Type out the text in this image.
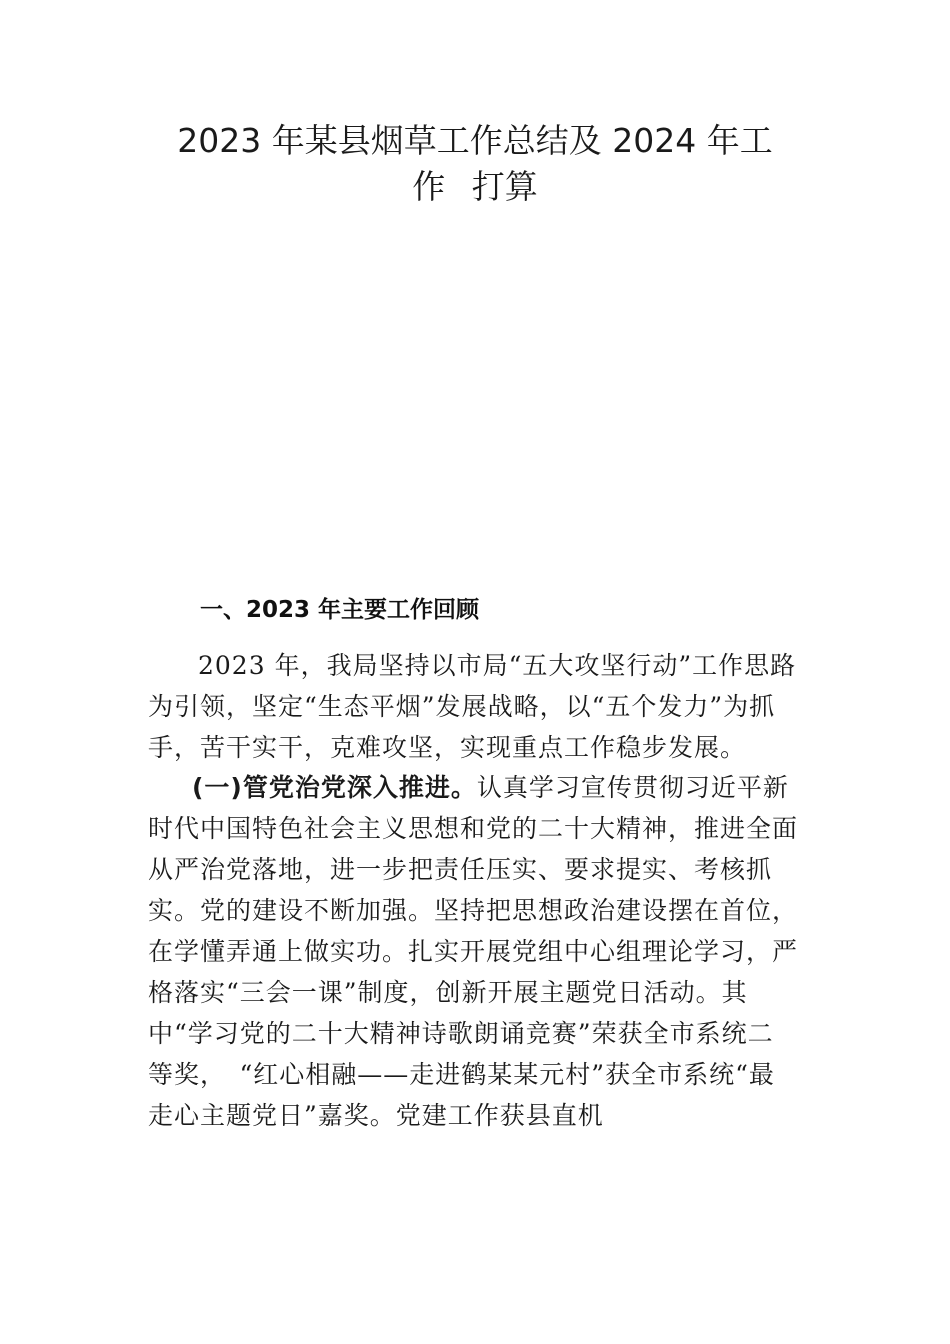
2023 年某县烟草工作总结及 2024 年工
作 打算
一、2023 年主要工作回顾

2023 年，我局坚持以市局“五大攻坚行动”工作思路为引领，坚定“生态平烟”发展战略，以“五个发力”为抓手，苦干实干，克难攻坚，实现重点工作稳步发展。

(一)管党治党深入推进。认真学习宣传贯彻习近平新时代中国特色社会主义思想和党的二十大精神，推进全面从严治党落地，进一步把责任压实、要求提实、考核抓实。党的建设不断加强。坚持把思想政治建设摆在首位，在学懂弄通上做实功。扎实开展党组中心组理论学习，严格落实“三会一课”制度，创新开展主题党日活动。其中“学习党的二十大精神诗歌朗诵竞赛”荣获全市系统二等奖，　“红心相融——走进鹤某某元村”获全市系统“最走心主题党日”嘉奖。党建工作获县直机
